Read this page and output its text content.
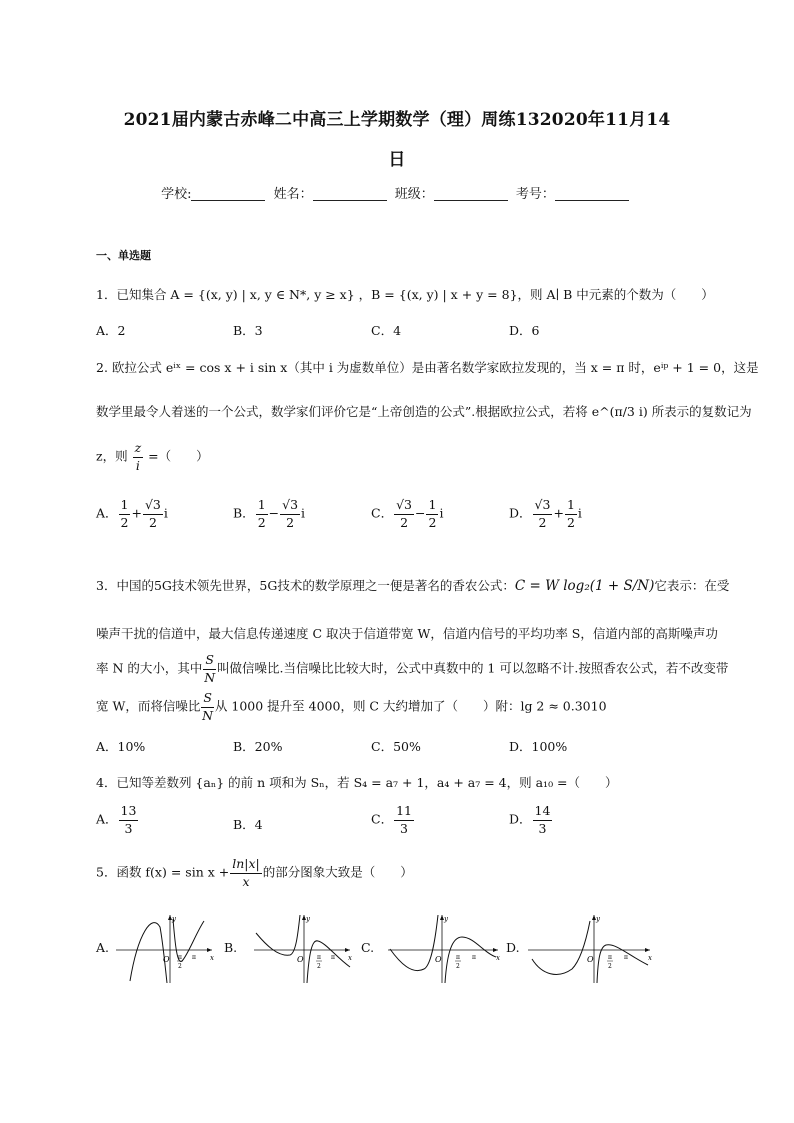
2021届内蒙古赤峰二中高三上学期数学（理）周练132020年11月14
日
学校:	姓名：	班级：	考号：
一、单选题
1．已知集合 A = {(x, y) | x, y ∈ N*, y ≥ x} ，B = {(x, y) | x + y = 8}，则 A∣ B 中元素的个数为（　　）
A．2	B．3	C．4	D．6
2. 欧拉公式 eⁱˣ = cos x + i sin x（其中 i 为虚数单位）是由著名数学家欧拉发现的，当 x = π 时，eⁱᵖ + 1 = 0，这是
数学里最令人着迷的一个公式，数学家们评价它是“上帝创造的公式”.根据欧拉公式，若将 e^(π/3 i) 所表示的复数记为
z，则 $\frac{z}{i}$ =（　　）
A． $\frac{1}{2} + \frac{√3}{2}$ i	B． $\frac{1}{2} - \frac{√3}{2}$ i	C． $\frac{√3}{2} - \frac{1}{2}$ i	D． $\frac{√3}{2} + \frac{1}{2}$ i
3．中国的5G技术领先世界，5G技术的数学原理之一便是著名的香农公式：C = W log₂(1 + S/N)它表示：在受
噪声干扰的信道中，最大信息传递速度 C 取决于信道带宽 W，信道内信号的平均功率 S，信道内部的高斯噪声功
率 N 的大小，其中 $\frac{S}{N}$ 叫做信噪比.当信噪比比较大时，公式中真数中的 1 可以忽略不计.按照香农公式，若不改变带
宽 W，而将信噪比 $\frac{S}{N}$ 从 1000 提升至 4000，则 C 大约增加了（　　）附：lg 2 ≈ 0.3010
A．10%	B．20%	C．50%	D．100%
4．已知等差数列 {aₙ} 的前 n 项和为 Sₙ，若 S₄ = a₇ + 1，a₄ + a₇ = 4，则 a₁₀ =（　　）
A． $\frac{13}{3}$	B．4	C． $\frac{11}{3}$	D． $\frac{14}{3}$
5．函数 $f(x) = \sin x + \frac{\ln|x|}{x}$ 的部分图象大致是（　　）
A.	B.	C.	D.
O
y
x
π
2
π	O
y
x
π
2
π	O
y
x
π
2
π	O
y
x
π
2
π
